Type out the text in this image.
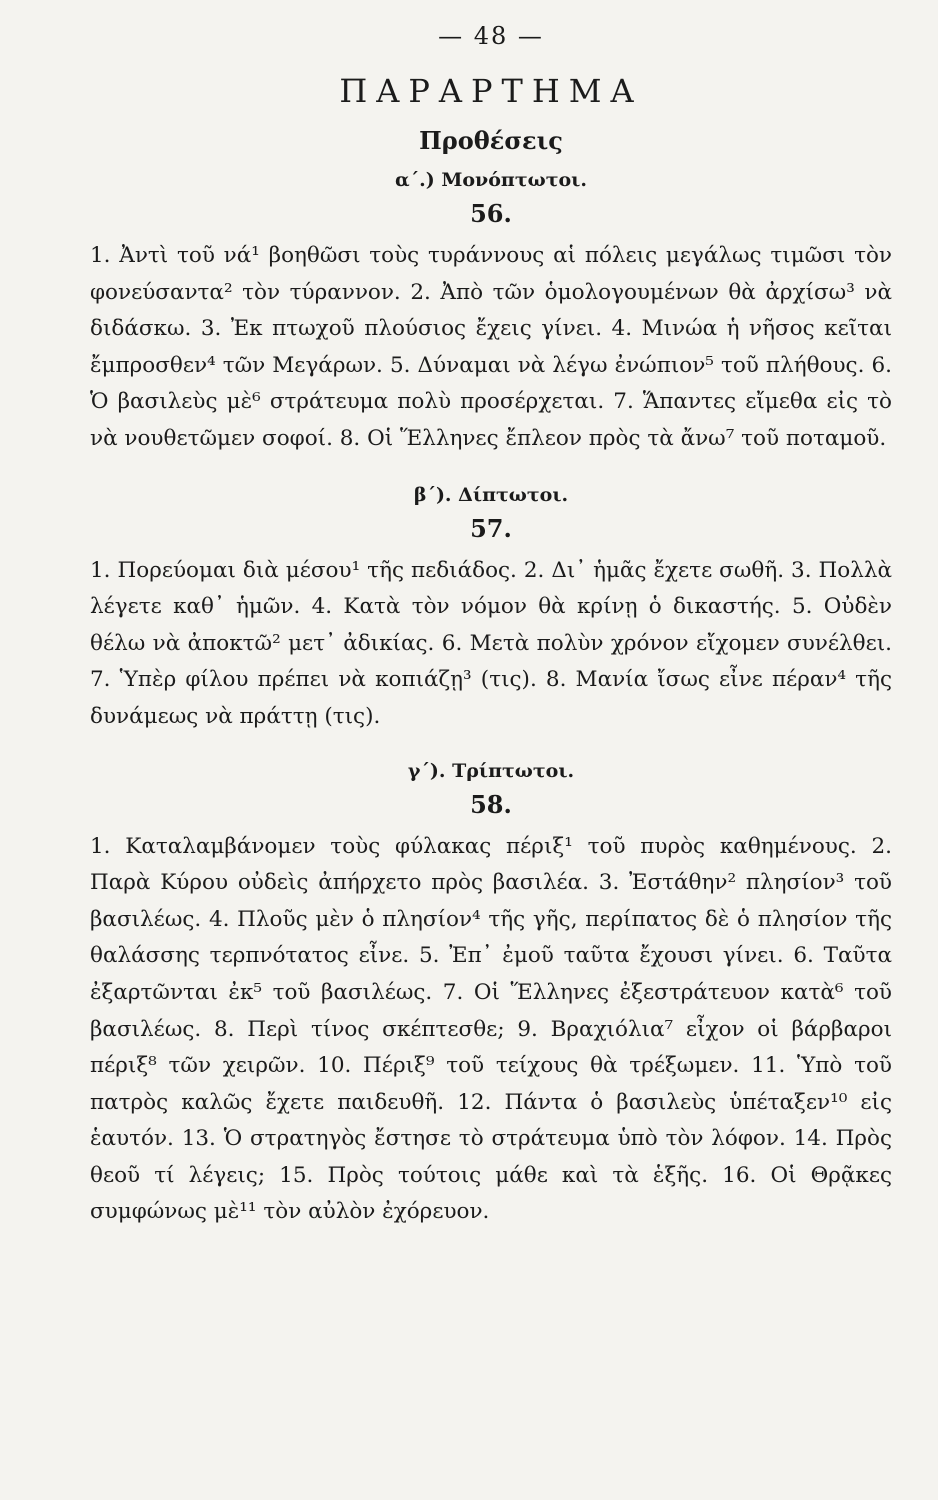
— 48 —
ΠΑΡΑΡΤΗΜΑ
Προθέσεις
α΄.) Μονόπτωτοι.
56.

1. Ἀντὶ τοῦ νά¹ βοηθῶσι τοὺς τυράννους αἱ πόλεις μεγάλως τιμῶσι τὸν φονεύσαντα² τὸν τύραννον. 2. Ἀπὸ τῶν ὁμολογουμένων θὰ ἀρχίσω³ νὰ διδάσκω. 3. Ἐκ πτωχοῦ πλούσιος ἔχεις γίνει. 4. Μινώα ἡ νῆσος κεῖται ἔμπροσθεν⁴ τῶν Μεγάρων. 5. Δύναμαι νὰ λέγω ἐνώπιον⁵ τοῦ πλήθους. 6. Ὁ βασιλεὺς μὲ⁶ στράτευμα πολὺ προσέρχεται. 7. Ἅπαντες εἴμεθα εἰς τὸ νὰ νουθετῶμεν σοφοί. 8. Οἱ Ἕλληνες ἔπλεον πρὸς τὰ ἄνω⁷ τοῦ ποταμοῦ.

β΄). Δίπτωτοι.
57.

1. Πορεύομαι διὰ μέσου¹ τῆς πεδιάδος. 2. Δι᾽ ἡμᾶς ἔχετε σωθῆ. 3. Πολλὰ λέγετε καθ᾽ ἡμῶν. 4. Κατὰ τὸν νόμον θὰ κρίνῃ ὁ δικαστής. 5. Οὐδὲν θέλω νὰ ἀποκτῶ² μετ᾽ ἀδικίας. 6. Μετὰ πολὺν χρόνον εἴχομεν συνέλθει. 7. Ὑπὲρ φίλου πρέπει νὰ κοπιάζῃ³ (τις). 8. Μανία ἴσως εἶνε πέραν⁴ τῆς δυνάμεως νὰ πράττῃ (τις).

γ΄). Τρίπτωτοι.
58.

1. Καταλαμβάνομεν τοὺς φύλακας πέριξ¹ τοῦ πυρὸς καθημένους. 2. Παρὰ Κύρου οὐδεὶς ἀπήρχετο πρὸς βασιλέα. 3. Ἐστάθην² πλησίον³ τοῦ βασιλέως. 4. Πλοῦς μὲν ὁ πλησίον⁴ τῆς γῆς, περίπατος δὲ ὁ πλησίον τῆς θαλάσσης τερπνότατος εἶνε. 5. Ἐπ᾽ ἐμοῦ ταῦτα ἔχουσι γίνει. 6. Ταῦτα ἐξαρτῶνται ἐκ⁵ τοῦ βασιλέως. 7. Οἱ Ἕλληνες ἐξεστράτευον κατὰ⁶ τοῦ βασιλέως. 8. Περὶ τίνος σκέπτεσθε; 9. Βραχιόλια⁷ εἶχον οἱ βάρβαροι πέριξ⁸ τῶν χειρῶν. 10. Πέριξ⁹ τοῦ τείχους θὰ τρέξωμεν. 11. Ὑπὸ τοῦ πατρὸς καλῶς ἔχετε παιδευθῆ. 12. Πάντα ὁ βασιλεὺς ὑπέταξεν¹⁰ εἰς ἑαυτόν. 13. Ὁ στρατηγὸς ἔστησε τὸ στράτευμα ὑπὸ τὸν λόφον. 14. Πρὸς θεοῦ τί λέγεις; 15. Πρὸς τούτοις μάθε καὶ τὰ ἑξῆς. 16. Οἱ Θρᾷκες συμφώνως μὲ¹¹ τὸν αὐλὸν ἐχόρευον.
